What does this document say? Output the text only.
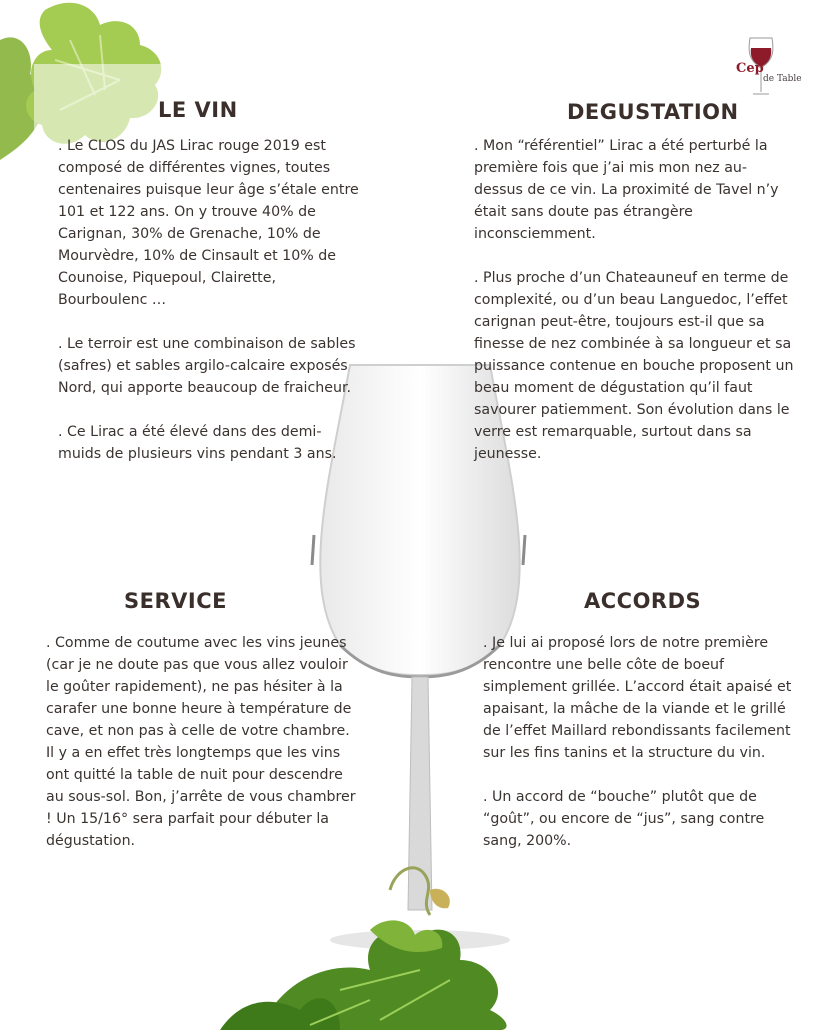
Cep
de Table
LE VIN

. Le CLOS du JAS Lirac rouge 2019 est composé de différentes vignes, toutes centenaires puisque leur âge s’étale entre 101 et 122 ans. On y trouve 40% de Carignan, 30% de Grenache, 10% de Mourvèdre, 10% de Cinsault et 10% de Counoise, Piquepoul, Clairette, Bourboulenc …

. Le terroir est une combinaison de sables (safres) et sables argilo-calcaire exposés Nord, qui apporte beaucoup de fraicheur.

. Ce Lirac a été élevé dans des demi-muids de plusieurs vins pendant 3 ans.

DEGUSTATION

. Mon “référentiel” Lirac a été perturbé la première fois que j’ai mis mon nez au-dessus de ce vin. La proximité de Tavel n’y était sans doute pas étrangère inconsciemment.

. Plus proche d’un Chateauneuf en terme de complexité, ou d’un beau Languedoc, l’effet carignan peut-être, toujours est-il que sa finesse de nez combinée à sa longueur et sa puissance contenue en bouche proposent un beau moment de dégustation qu’il faut savourer patiemment. Son évolution dans le verre est remarquable, surtout dans sa jeunesse.

SERVICE

. Comme de coutume avec les vins jeunes (car je ne doute pas que vous allez vouloir le goûter rapidement), ne pas hésiter à la carafer une bonne heure à température de cave, et non pas à celle de votre chambre. Il y a en effet très longtemps que les vins ont quitté la table de nuit pour descendre au sous-sol. Bon, j’arrête de vous chambrer ! Un 15/16° sera parfait pour débuter la dégustation.

ACCORDS

. Je lui ai proposé lors de notre première rencontre une belle côte de boeuf simplement grillée. L’accord était apaisé et apaisant, la mâche de la viande et le grillé de l’effet Maillard rebondissants facilement sur les fins tanins et la structure du vin.

. Un accord de “bouche” plutôt que de “goût”, ou encore de “jus”, sang contre sang, 200%.
